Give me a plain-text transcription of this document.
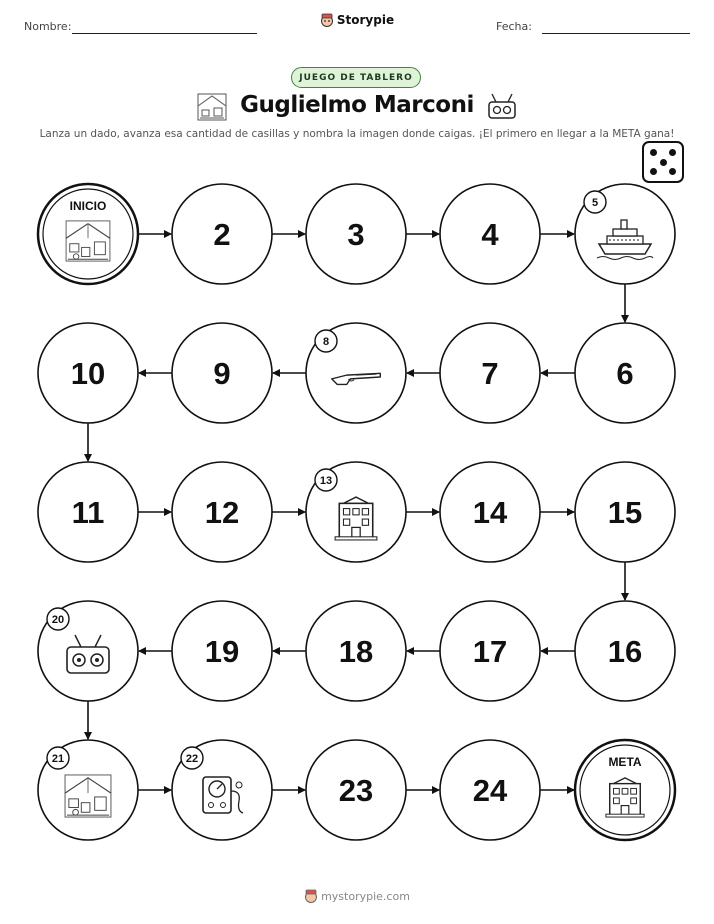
Nombre:	Storypie	Fecha:
JUEGO DE TABLERO
Guglielmo Marconi
Lanza un dado, avanza esa cantidad de casillas y nombra la imagen donde caigas. ¡El primero en llegar a la META gana!
INICIO
2	3	4
5
6
7
8
9
10
11	12
13
14	15
16
17
18
19
20
21	22
23	24
META
mystorypie.com
